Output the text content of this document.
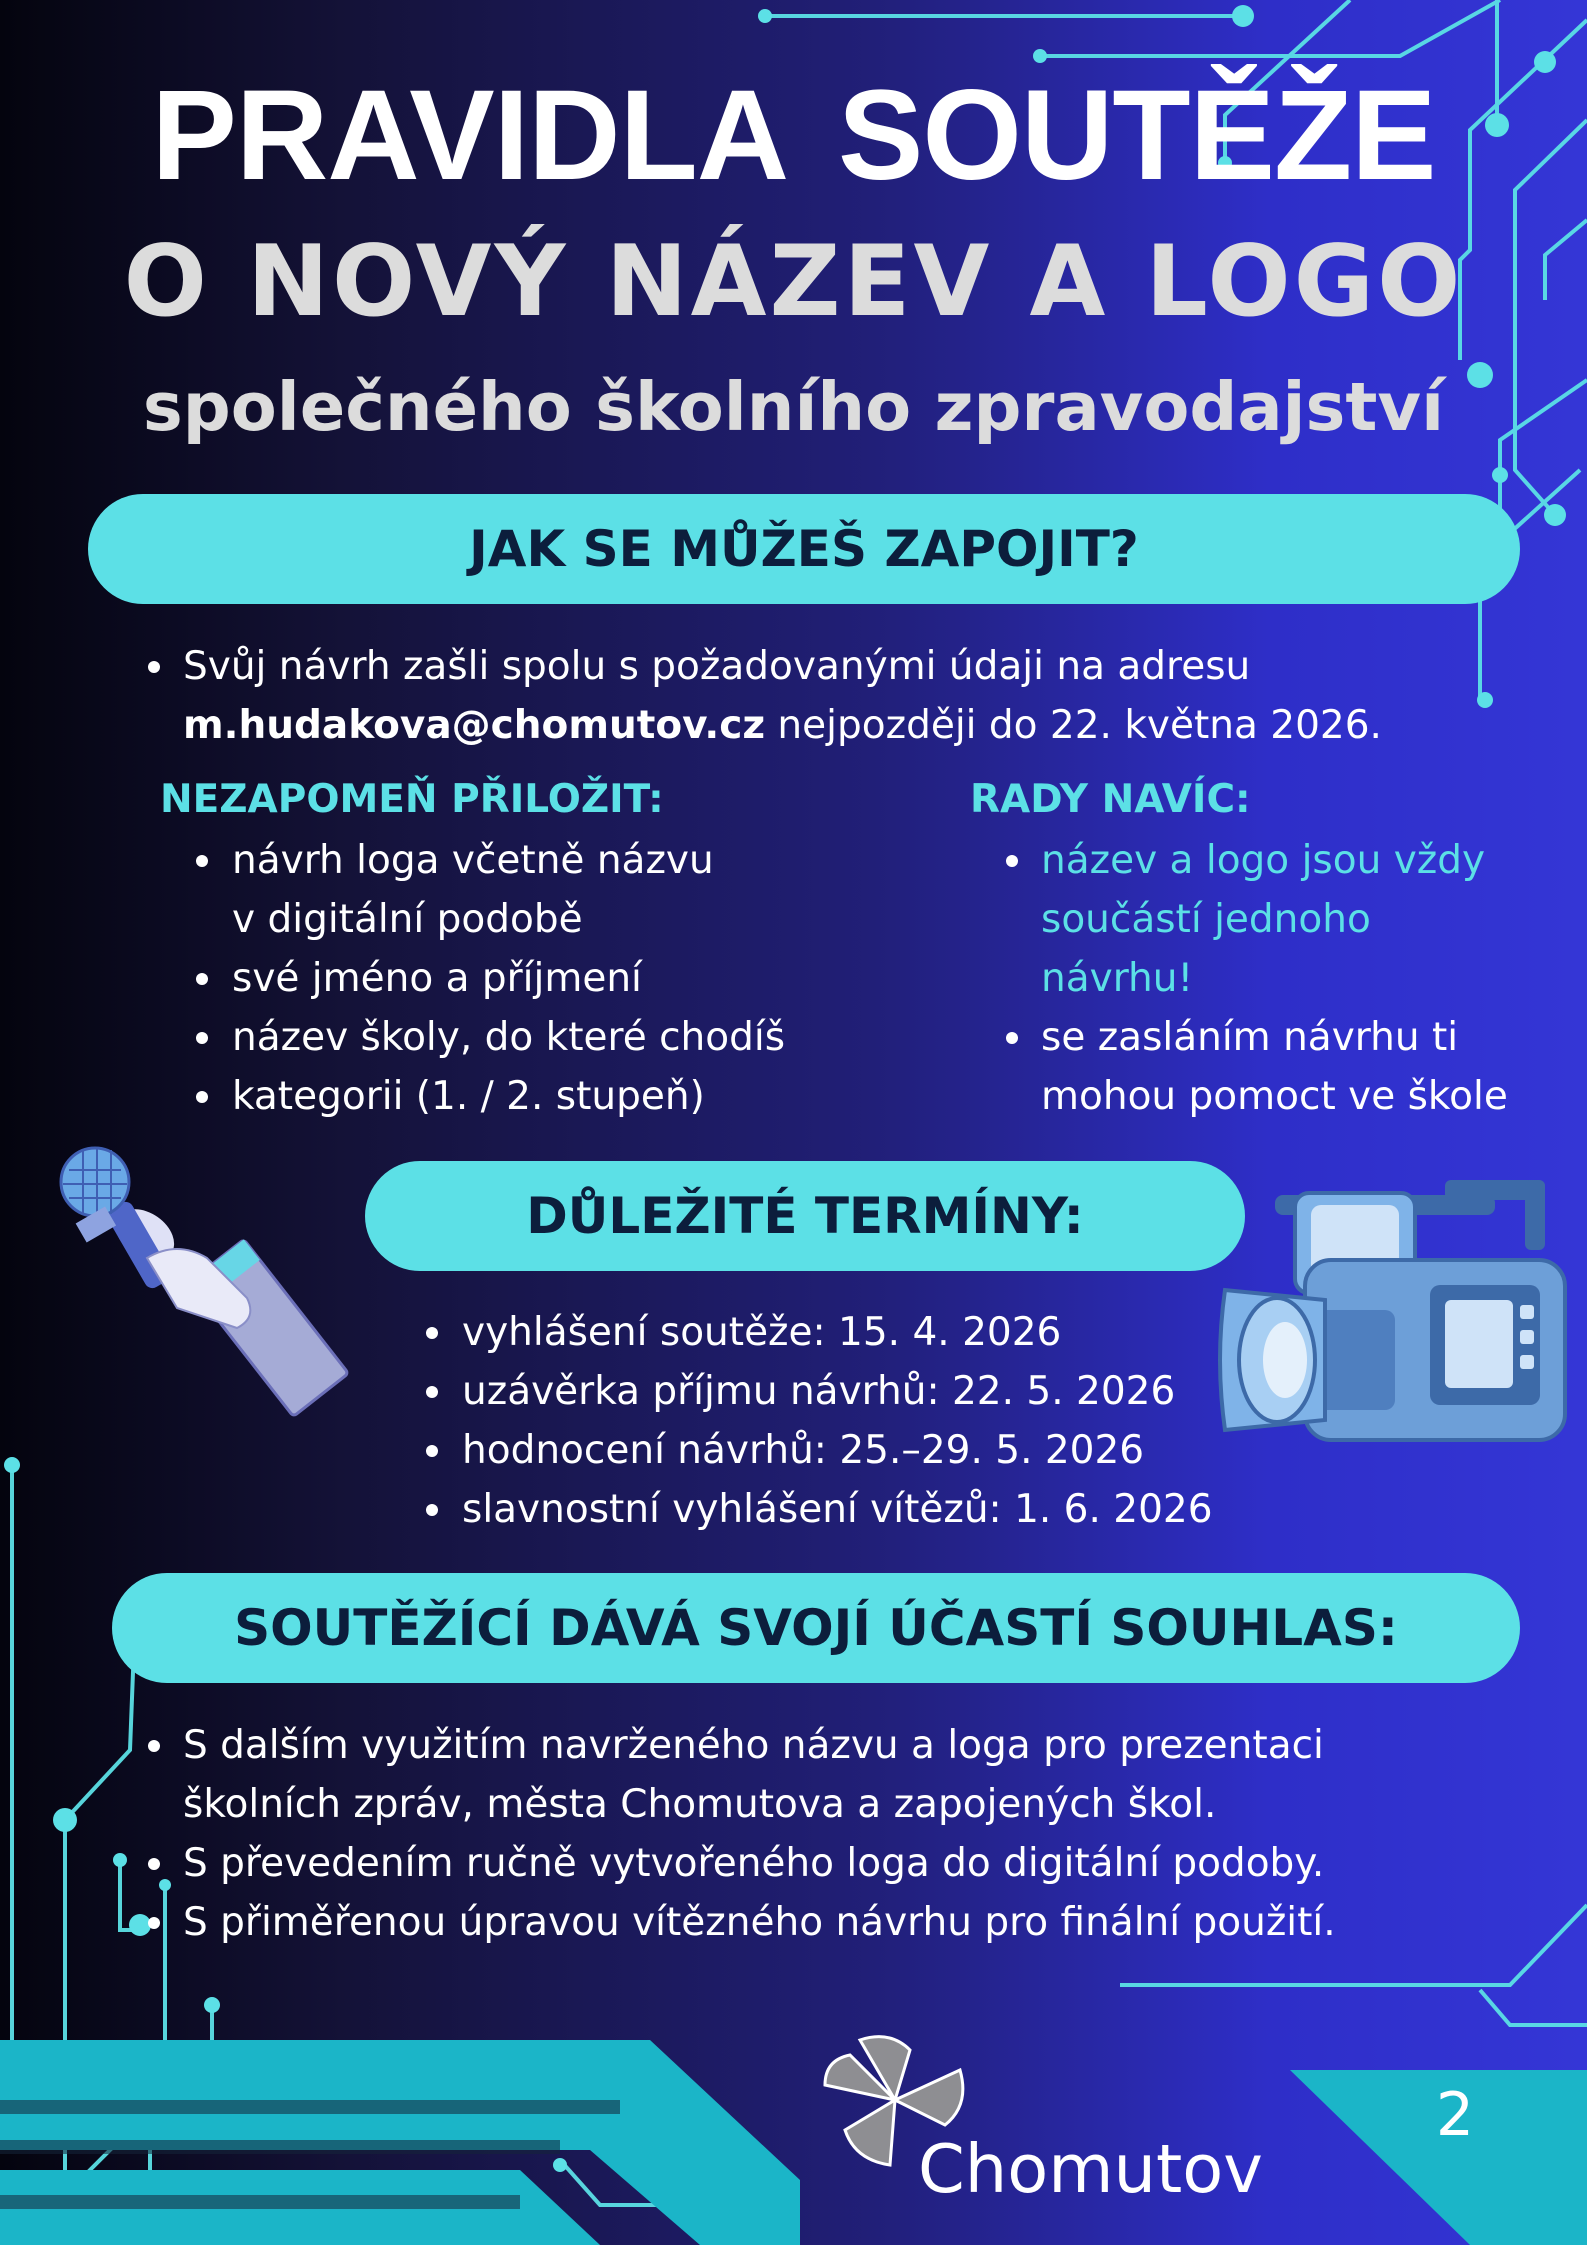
PRAVIDLA SOUTĚŽE
O NOVÝ NÁZEV A LOGO
společného školního zpravodajství
JAK SE MŮŽEŠ ZAPOJIT?
Svůj návrh zašli spolu s požadovanými údaji na adresu
m.hudakova@chomutov.cz nejpozději do 22. května 2026.
NEZAPOMEŇ PŘILOŽIT:
návrh loga včetně názvu
v digitální podobě
své jméno a příjmení
název školy, do které chodíš
kategorii (1. / 2. stupeň)
RADY NAVÍC:
název a logo jsou vždy
součástí jednoho
návrhu!
se zasláním návrhu ti
mohou pomoct ve škole
DŮLEŽITÉ TERMÍNY:
vyhlášení soutěže: 15. 4. 2026
uzávěrka příjmu návrhů: 22. 5. 2026
hodnocení návrhů: 25.–29. 5. 2026
slavnostní vyhlášení vítězů: 1. 6. 2026
SOUTĚŽÍCÍ DÁVÁ SVOJÍ ÚČASTÍ SOUHLAS:
S dalším využitím navrženého názvu a loga pro prezentaci
školních zpráv, města Chomutova a zapojených škol.
S převedením ručně vytvořeného loga do digitální podoby.
S přiměřenou úpravou vítězného návrhu pro finální použití.
Chomutov
2
